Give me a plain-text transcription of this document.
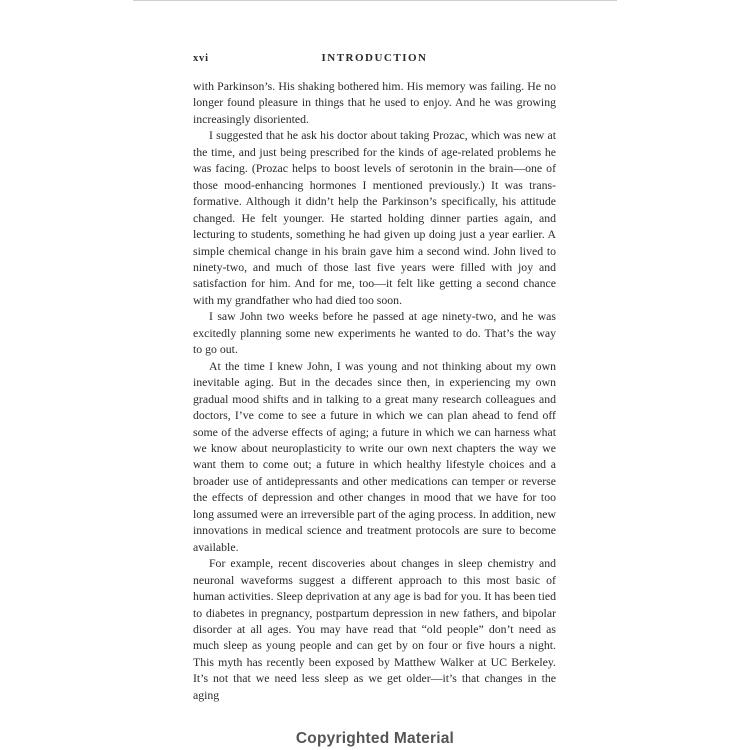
xvi	INTRODUCTION

with Parkinson’s. His shaking bothered him. His memory was failing. He no longer found pleasure in things that he used to enjoy. And he was growing increasingly disoriented.

I suggested that he ask his doctor about taking Prozac, which was new at the time, and just being prescribed for the kinds of age-related problems he was facing. (Prozac helps to boost levels of serotonin in the brain—one of those mood-enhancing hormones I mentioned previously.) It was transformative. Although it didn’t help the Parkinson’s specifically, his attitude changed. He felt younger. He started holding dinner parties again, and lecturing to students, something he had given up doing just a year earlier. A simple chemical change in his brain gave him a second wind. John lived to ninety-two, and much of those last five years were filled with joy and satisfaction for him. And for me, too—it felt like getting a second chance with my grandfather who had died too soon.

I saw John two weeks before he passed at age ninety-two, and he was excitedly planning some new experiments he wanted to do. That’s the way to go out.

At the time I knew John, I was young and not thinking about my own inevitable aging. But in the decades since then, in experiencing my own gradual mood shifts and in talking to a great many research colleagues and doctors, I’ve come to see a future in which we can plan ahead to fend off some of the adverse effects of aging; a future in which we can harness what we know about neuroplasticity to write our own next chapters the way we want them to come out; a future in which healthy lifestyle choices and a broader use of antidepressants and other medications can temper or reverse the effects of depression and other changes in mood that we have for too long assumed were an irreversible part of the aging process. In addition, new innovations in medical science and treatment protocols are sure to become available.

For example, recent discoveries about changes in sleep chemistry and neuronal waveforms suggest a different approach to this most basic of human activities. Sleep deprivation at any age is bad for you. It has been tied to diabetes in pregnancy, postpartum depression in new fathers, and bipolar disorder at all ages. You may have read that “old people” don’t need as much sleep as young people and can get by on four or five hours a night. This myth has recently been exposed by Matthew Walker at UC Berkeley. It’s not that we need less sleep as we get older—it’s that changes in the aging

Copyrighted Material
